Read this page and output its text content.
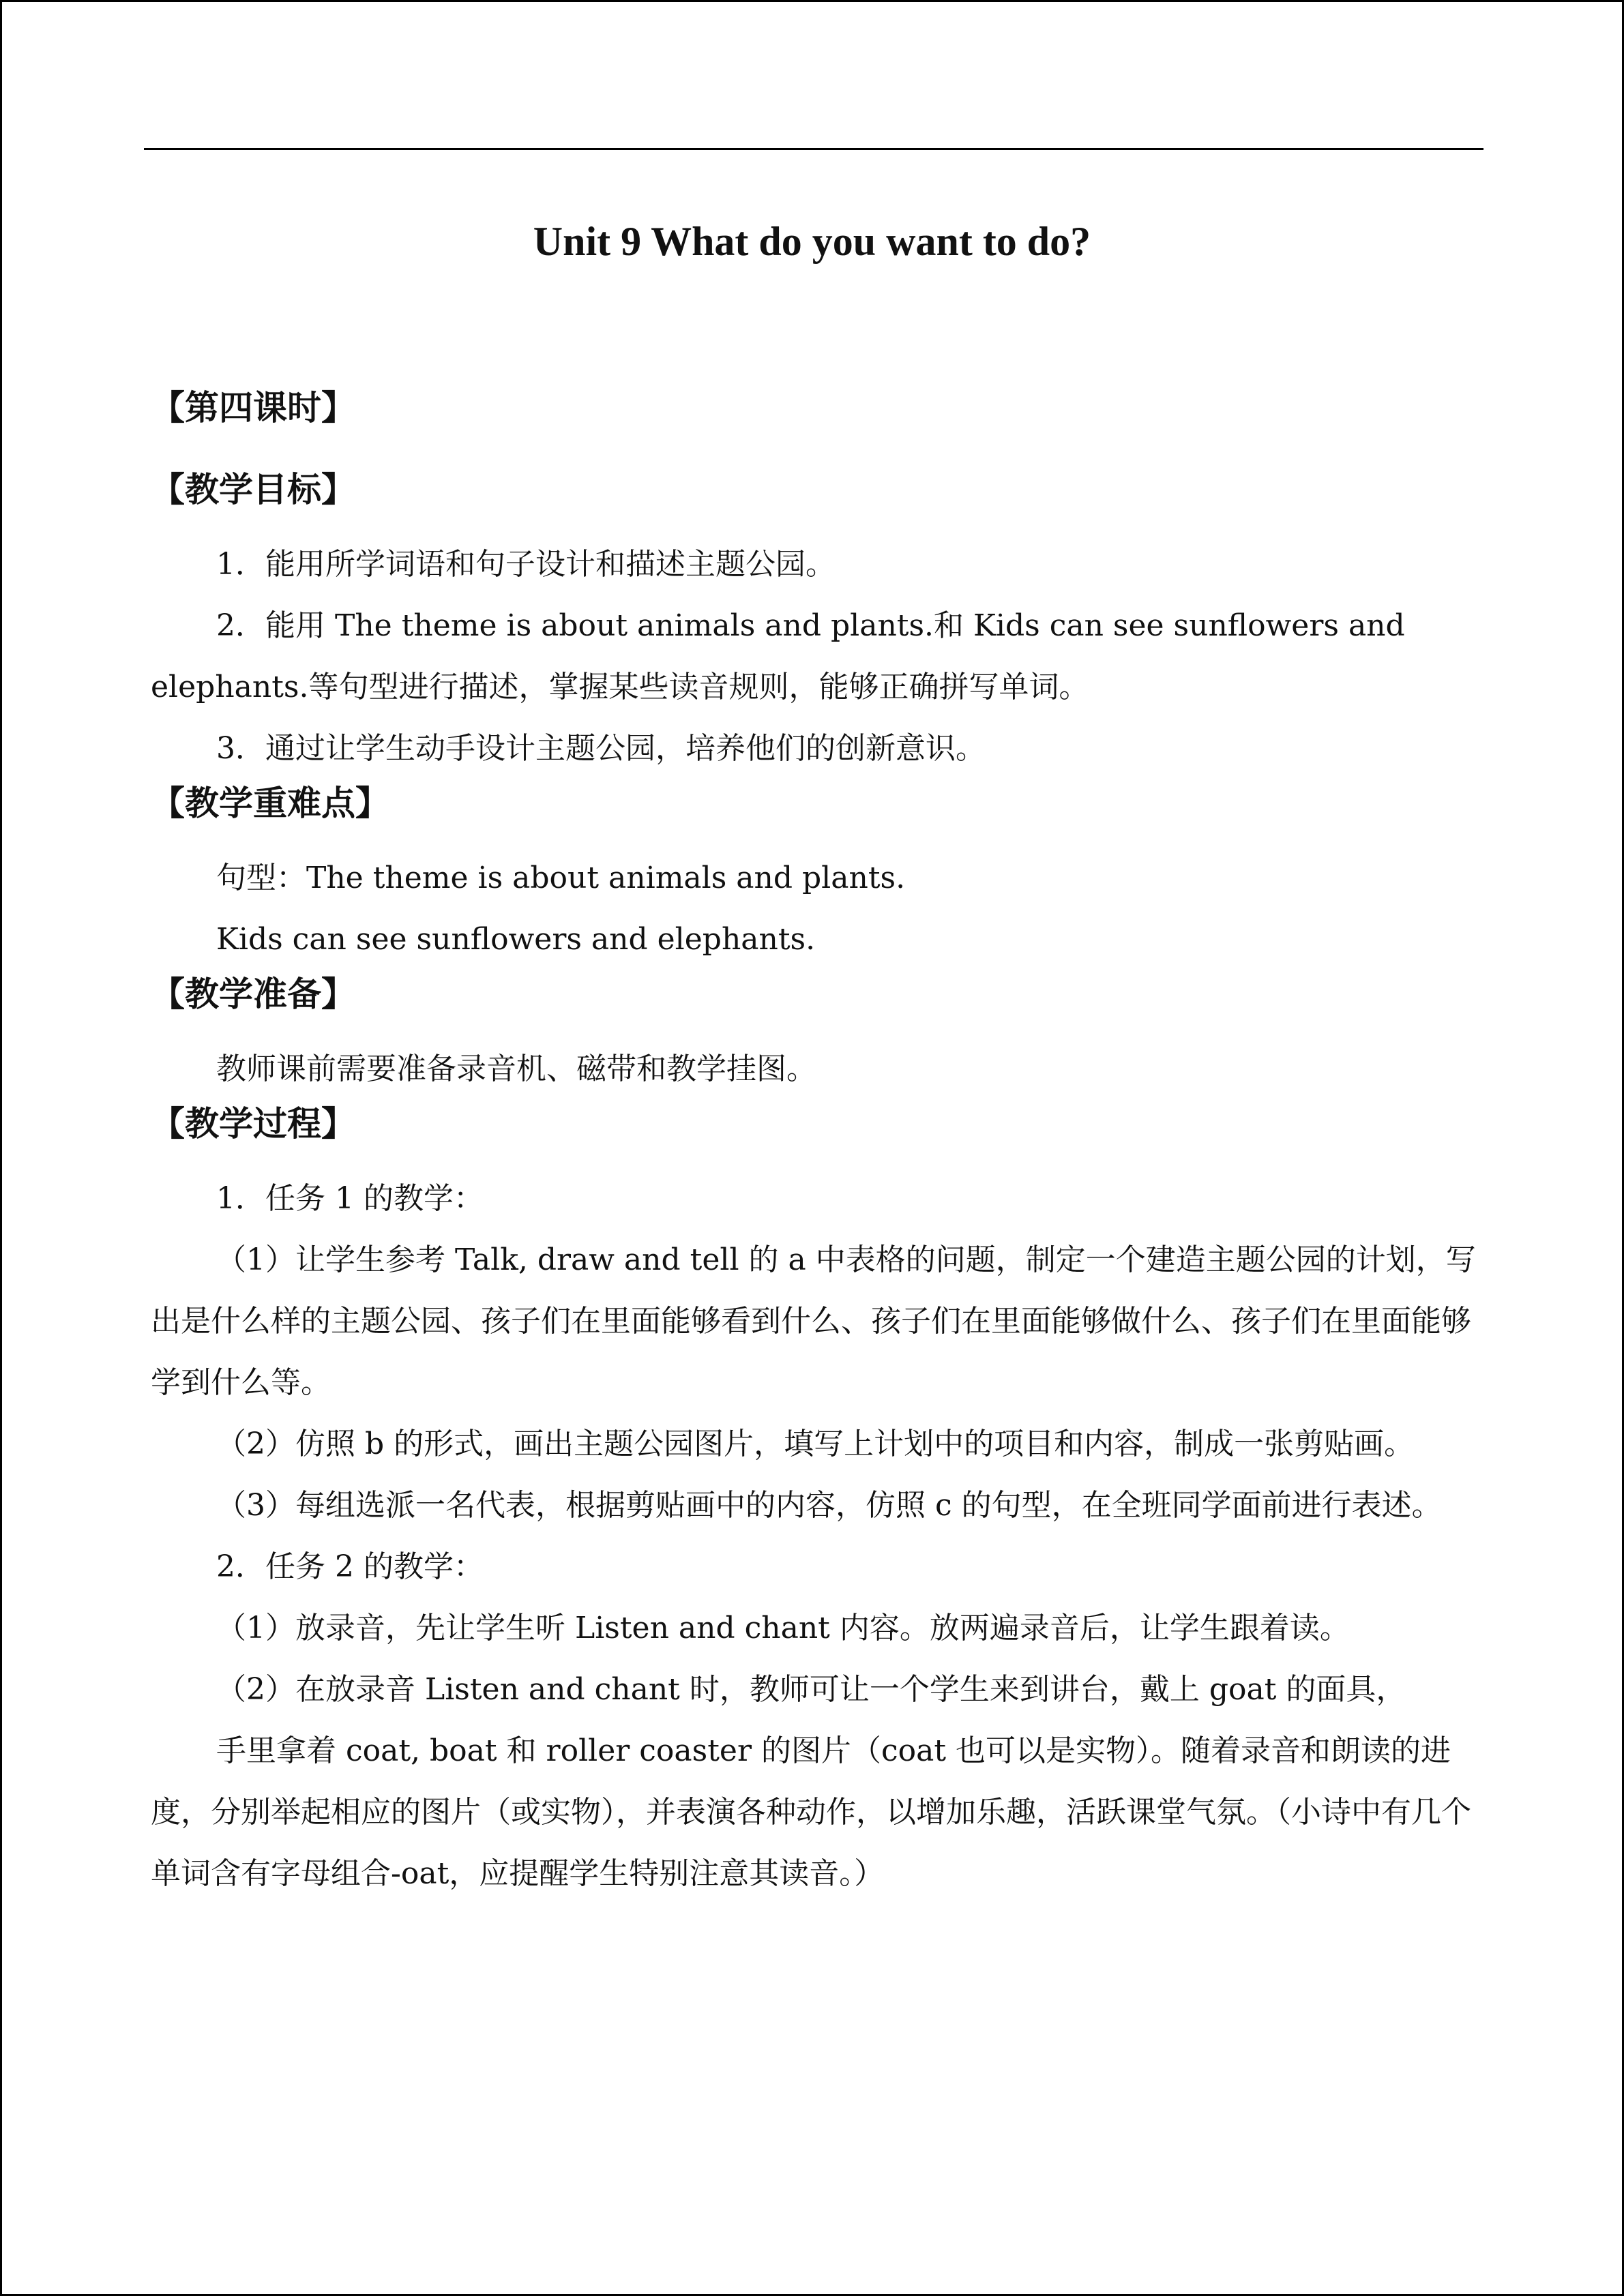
Unit 9 What do you want to do?
【第四课时】
【教学目标】

1．能用所学词语和句子设计和描述主题公园。

2．能用 The theme is about animals and plants.和 Kids can see sunflowers and elephants.等句型进行描述，掌握某些读音规则，能够正确拼写单词。

3．通过让学生动手设计主题公园，培养他们的创新意识。

【教学重难点】

句型：The theme is about animals and plants.

Kids can see sunflowers and elephants.

【教学准备】

教师课前需要准备录音机、磁带和教学挂图。

【教学过程】

1．任务 1 的教学：

（1）让学生参考 Talk, draw and tell 的 a 中表格的问题，制定一个建造主题公园的计划，写出是什么样的主题公园、孩子们在里面能够看到什么、孩子们在里面能够做什么、孩子们在里面能够学到什么等。

（2）仿照 b 的形式，画出主题公园图片，填写上计划中的项目和内容，制成一张剪贴画。

（3）每组选派一名代表，根据剪贴画中的内容，仿照 c 的句型，在全班同学面前进行表述。

2．任务 2 的教学：

（1）放录音，先让学生听 Listen and chant 内容。放两遍录音后，让学生跟着读。

（2）在放录音 Listen and chant 时，教师可让一个学生来到讲台，戴上 goat 的面具，

手里拿着 coat, boat 和 roller coaster 的图片（coat 也可以是实物）。随着录音和朗读的进度，分别举起相应的图片（或实物），并表演各种动作，以增加乐趣，活跃课堂气氛。（小诗中有几个单词含有字母组合-oat，应提醒学生特别注意其读音。）
